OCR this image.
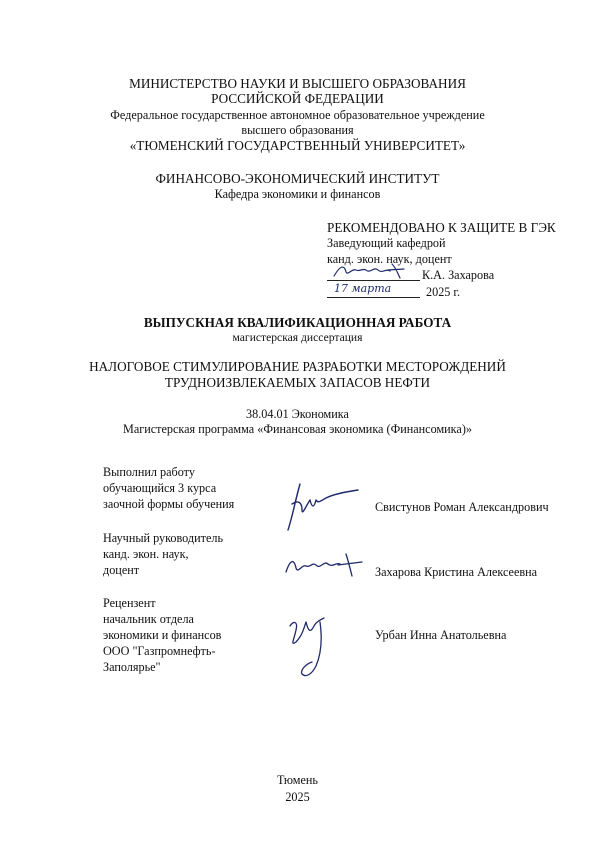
МИНИСТЕРСТВО НАУКИ И ВЫСШЕГО ОБРАЗОВАНИЯ
РОССИЙСКОЙ ФЕДЕРАЦИИ
Федеральное государственное автономное образовательное учреждение
высшего образования
«ТЮМЕНСКИЙ ГОСУДАРСТВЕННЫЙ УНИВЕРСИТЕТ»
ФИНАНСОВО-ЭКОНОМИЧЕСКИЙ ИНСТИТУТ
Кафедра экономики и финансов
РЕКОМЕНДОВАНО К ЗАЩИТЕ В ГЭК
Заведующий кафедрой
канд. экон. наук, доцент
К.А. Захарова
17 марта	2025 г.
ВЫПУСКНАЯ КВАЛИФИКАЦИОННАЯ РАБОТА
магистерская диссертация
НАЛОГОВОЕ СТИМУЛИРОВАНИЕ РАЗРАБОТКИ МЕСТОРОЖДЕНИЙ
ТРУДНОИЗВЛЕКАЕМЫХ ЗАПАСОВ НЕФТИ
38.04.01 Экономика
Магистерская программа «Финансовая экономика (Финансомика)»
Выполнил работу
обучающийся 3 курса
заочной формы обучения	Свистунов Роман Александрович
Научный руководитель
канд. экон. наук,
доцент	Захарова Кристина Алексеевна
Рецензент
начальник отдела
экономики и финансов
ООО "Газпромнефть-
Заполярье"
Урбан Инна Анатольевна
Тюмень
2025
